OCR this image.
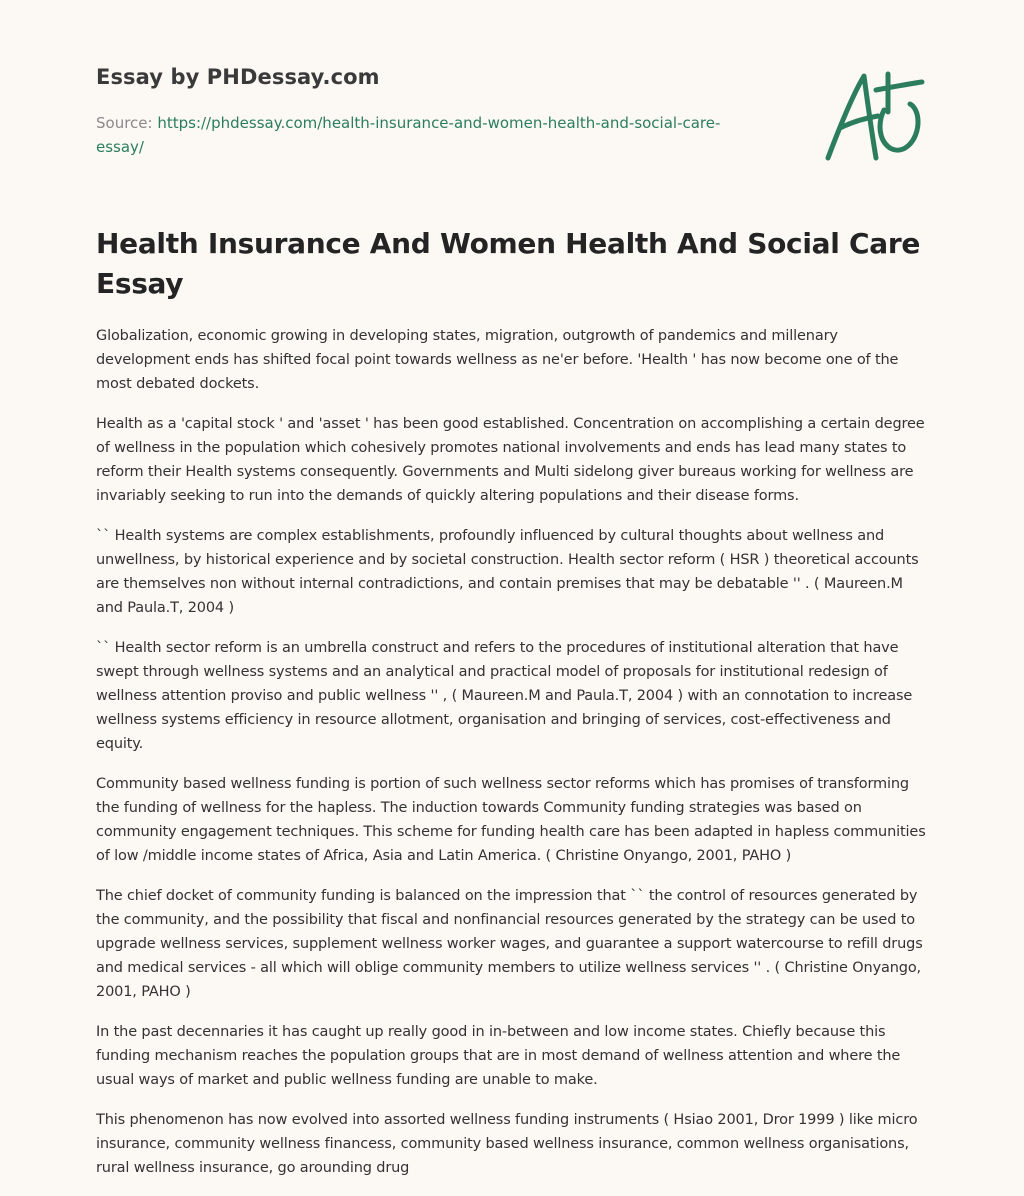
Essay by PHDessay.com
Source: https://phdessay.com/health-insurance-and-women-health-and-social-care-essay/
Health Insurance And Women Health And Social Care Essay

Globalization, economic growing in developing states, migration, outgrowth of pandemics and millenary development ends has shifted focal point towards wellness as ne'er before. 'Health ' has now become one of the most debated dockets.

Health as a 'capital stock ' and 'asset ' has been good established. Concentration on accomplishing a certain degree of wellness in the population which cohesively promotes national involvements and ends has lead many states to reform their Health systems consequently. Governments and Multi sidelong giver bureaus working for wellness are invariably seeking to run into the demands of quickly altering populations and their disease forms.

`` Health systems are complex establishments, profoundly influenced by cultural thoughts about wellness and unwellness, by historical experience and by societal construction. Health sector reform ( HSR ) theoretical accounts are themselves non without internal contradictions, and contain premises that may be debatable '' . ( Maureen.M and Paula.T, 2004 )

`` Health sector reform is an umbrella construct and refers to the procedures of institutional alteration that have swept through wellness systems and an analytical and practical model of proposals for institutional redesign of wellness attention proviso and public wellness '' , ( Maureen.M and Paula.T, 2004 ) with an connotation to increase wellness systems efficiency in resource allotment, organisation and bringing of services, cost-effectiveness and equity.

Community based wellness funding is portion of such wellness sector reforms which has promises of transforming the funding of wellness for the hapless. The induction towards Community funding strategies was based on community engagement techniques. This scheme for funding health care has been adapted in hapless communities of low /middle income states of Africa, Asia and Latin America. ( Christine Onyango, 2001, PAHO )

The chief docket of community funding is balanced on the impression that `` the control of resources generated by the community, and the possibility that fiscal and nonfinancial resources generated by the strategy can be used to upgrade wellness services, supplement wellness worker wages, and guarantee a support watercourse to refill drugs and medical services - all which will oblige community members to utilize wellness services '' . ( Christine Onyango, 2001, PAHO )

In the past decennaries it has caught up really good in in-between and low income states. Chiefly because this funding mechanism reaches the population groups that are in most demand of wellness attention and where the usual ways of market and public wellness funding are unable to make.

This phenomenon has now evolved into assorted wellness funding instruments ( Hsiao 2001, Dror 1999 ) like micro insurance, community wellness financess, community based wellness insurance, common wellness organisations, rural wellness insurance, go arounding drug
